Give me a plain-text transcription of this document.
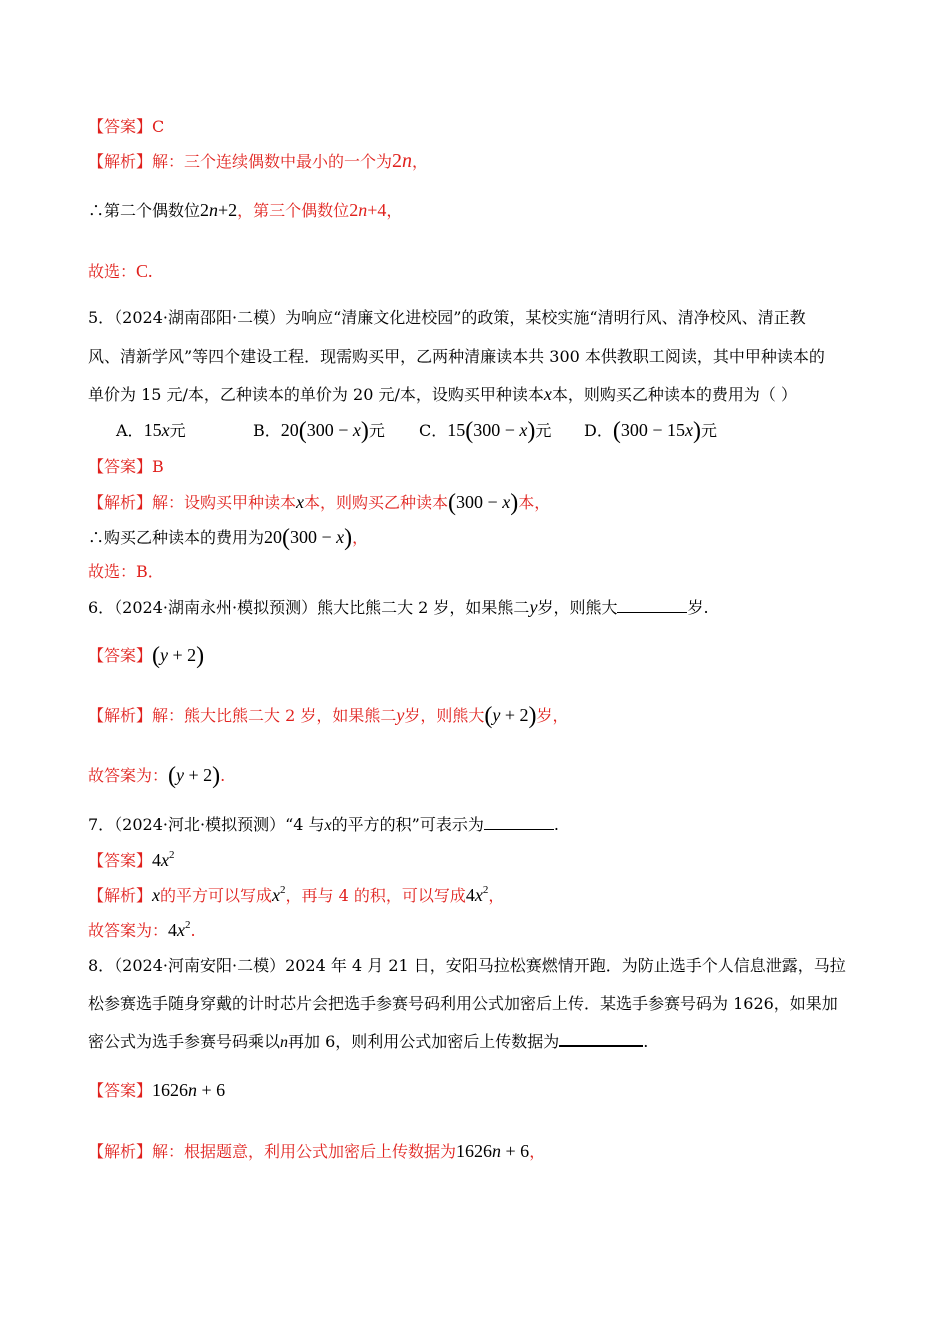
【答案】C
【解析】解：三个连续偶数中最小的一个为2n，
∴第二个偶数位2n+2，第三个偶数位2n+4，
故选：C.
5．（2024·湖南邵阳·二模）为响应“清廉文化进校园”的政策，某校实施“清明行风、清净校风、清正教
风、清新学风”等四个建设工程．现需购买甲，乙两种清廉读本共 300 本供教职工阅读，其中甲种读本的
单价为 15 元/本，乙种读本的单价为 20 元/本，设购买甲种读本x本，则购买乙种读本的费用为（ ）
A．15x元	B．20(300 − x)元 C．15(300 − x)元 D．(300 − 15x)元
【答案】B
【解析】解：设购买甲种读本x本，则购买乙种读本(300 − x)本，
∴购买乙种读本的费用为20(300 − x)，
故选：B．
6．（2024·湖南永州·模拟预测）熊大比熊二大 2 岁，如果熊二y岁，则熊大	岁.
【答案】(y + 2)
【解析】解：熊大比熊二大 2 岁，如果熊二y岁，则熊大(y + 2)岁，
故答案为：(y + 2).
7．（2024·河北·模拟预测）“4 与x的平方的积”可表示为	.
【答案】$4x^2$
【解析】x的平方可以写成$x^2$，再与 4 的积，可以写成$4x^2$，
故答案为：$4x^2$.
8．（2024·河南安阳·二模）2024 年 4 月 21 日，安阳马拉松赛燃情开跑．为防止选手个人信息泄露，马拉
松参赛选手随身穿戴的计时芯片会把选手参赛号码利用公式加密后上传．某选手参赛号码为 1626，如果加
密公式为选手参赛号码乘以n再加 6，则利用公式加密后上传数据为	.
【答案】1626n + 6
【解析】解：根据题意，利用公式加密后上传数据为1626n + 6，
